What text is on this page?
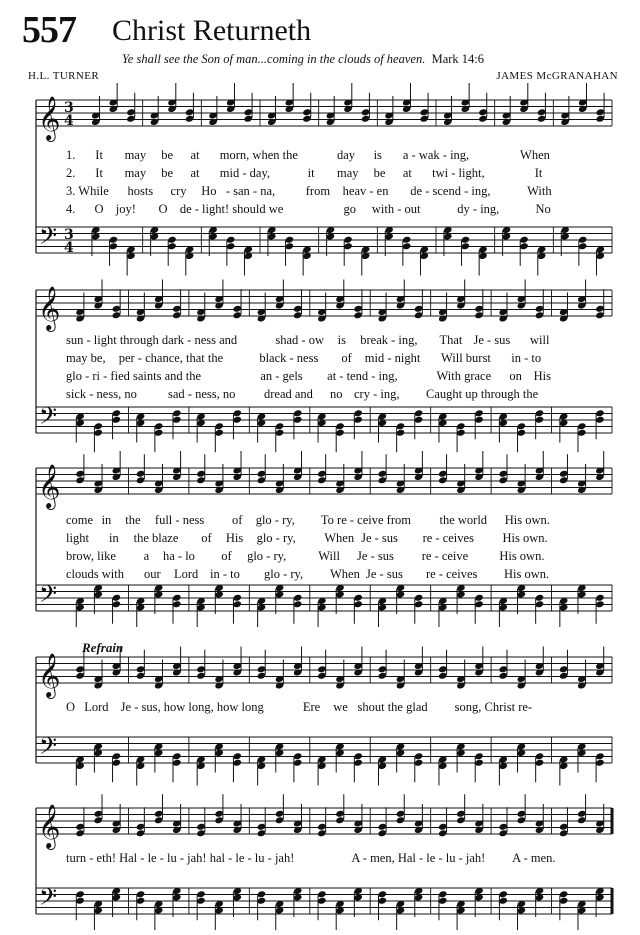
557 Christ Returneth
Ye shall see the Son of man...coming in the clouds of heaven. Mark 14:6
H.L. TURNER	JAMES McGRANAHAN
Refrain
𝄞
𝄢
3
4
3
4
𝄞
𝄢
𝄞
𝄢
𝄞
𝄢
𝄞
𝄢
1. It may be at morn, when the	day is a - wak - ing,	When
2. It may be at mid - day,	it may be at twi - light,	It
3. While hosts cry Ho - san - na, from heav - en de - scend - ing,	With
4. O joy! O de - light! should we	go with - out	dy - ing,	No
sun - light through dark - ness and	shad - ow is break - ing, That Je - sus will
may be, per - chance, that the	black - ness of mid - night Will burst in - to
glo - ri - fied saints and the	an - gels at - tend - ing,	With grace on His
sick - ness, no sad - ness, no dread and no cry - ing, Caught up through the
come in the full - ness of glo - ry, To re - ceive from the world His own.
light in the blaze of His glo - ry, When Je - sus re - ceives His own.
brow, like a ha - lo of glo - ry,	Will Je - sus re - ceive His own.
clouds with our Lord in - to glo - ry, When Je - sus re - ceives His own.
O Lord Je - sus, how long, how long	Ere we shout the glad song, Christ re-
turn - eth! Hal - le - lu - jah! hal - le - lu - jah!	A - men, Hal - le - lu - jah! A - men.
